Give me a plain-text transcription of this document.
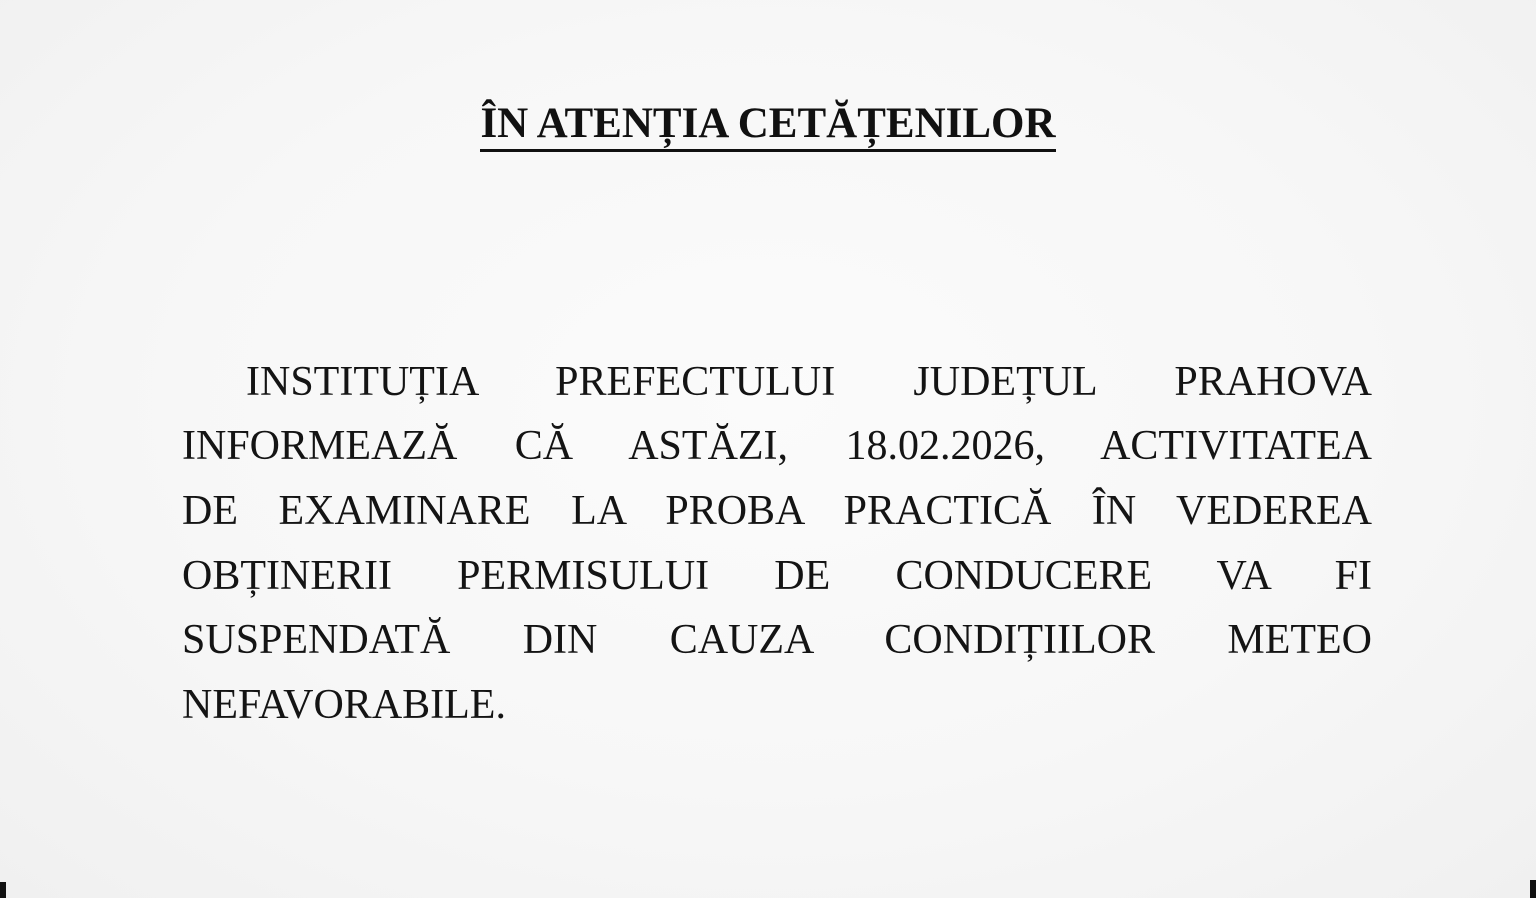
ÎN ATENȚIA CETĂȚENILOR
INSTITUȚIA PREFECTULUI JUDEȚUL PRAHOVA
INFORMEAZĂ CĂ ASTĂZI, 18.02.2026, ACTIVITATEA
DE EXAMINARE LA PROBA PRACTICĂ ÎN VEDEREA
OBȚINERII PERMISULUI DE CONDUCERE VA FI
SUSPENDATĂ DIN CAUZA CONDIȚIILOR METEO
NEFAVORABILE.
